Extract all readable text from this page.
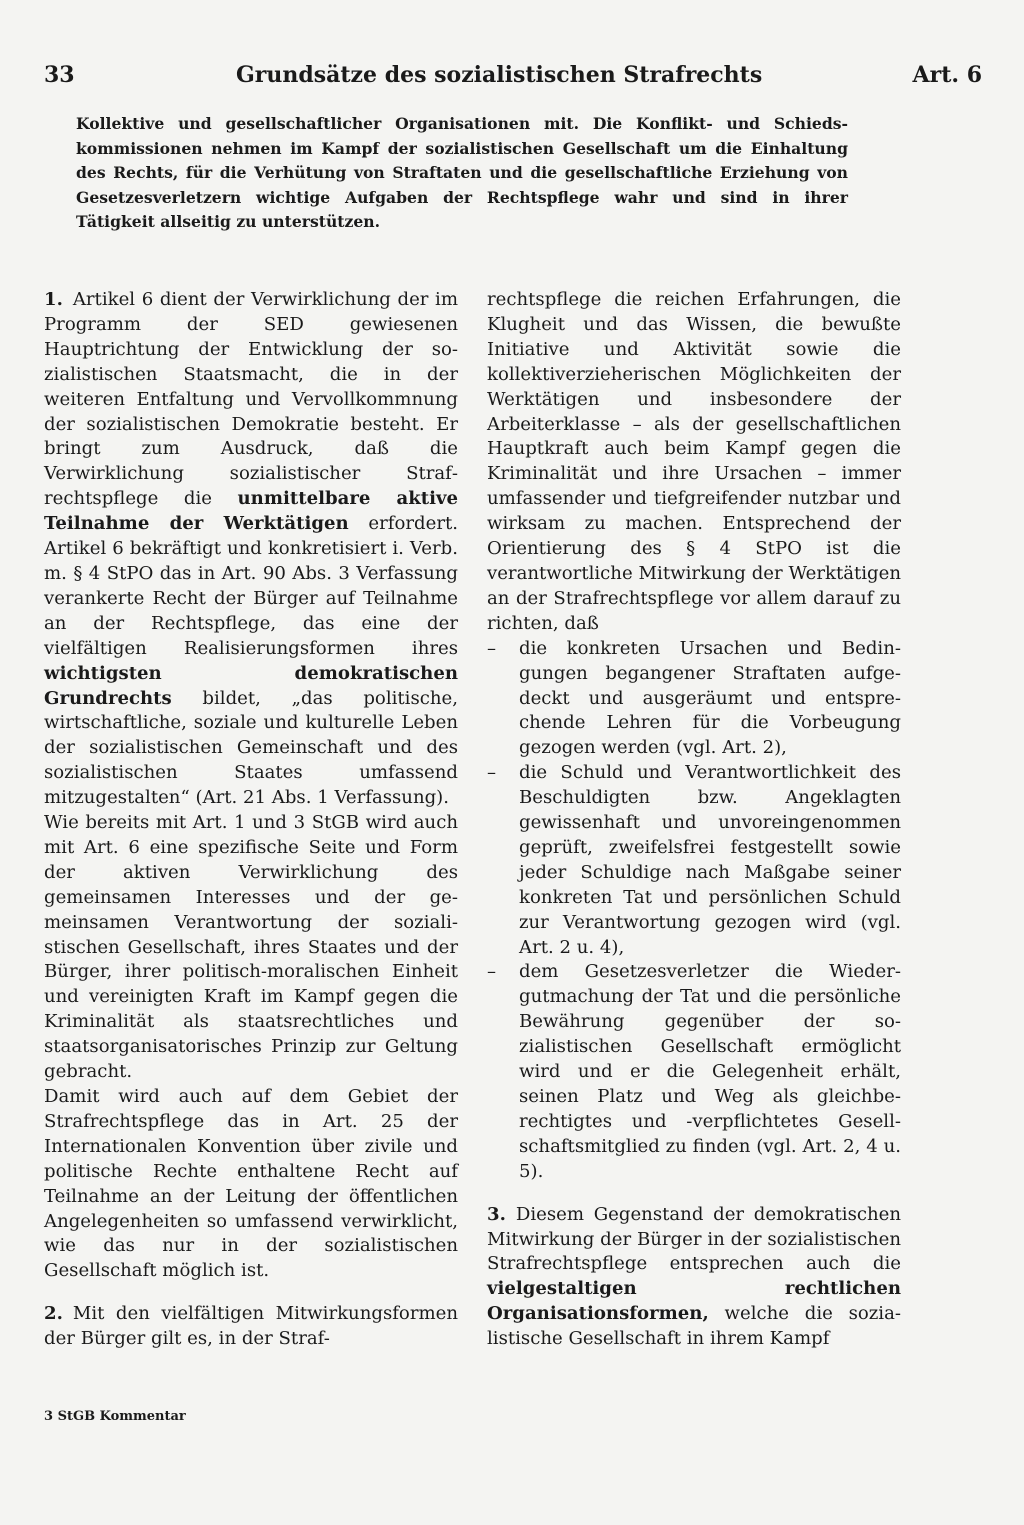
33	Grundsätze des sozialistischen Strafrechts	Art. 6
Kollektive und gesellschaftlicher Organisationen mit. Die Konflikt- und Schiedskommissionen nehmen im Kampf der sozialistischen Gesellschaft um die Einhaltung des Rechts, für die Verhütung von Straftaten und die gesellschaftliche Erziehung von Gesetzesverletzern wichtige Aufgaben der Rechtspflege wahr und sind in ihrer Tätigkeit allseitig zu unterstützen.

1. Artikel 6 dient der Verwirklichung der im Programm der SED gewiesenen Hauptrichtung der Entwicklung der sozialistischen Staatsmacht, die in der weiteren Entfaltung und Vervollkommnung der sozialistischen Demokratie besteht. Er bringt zum Ausdruck, daß die Verwirklichung sozialistischer Strafrechtspflege die unmittelbare aktive Teilnahme der Werktätigen erfordert. Artikel 6 bekräftigt und konkretisiert i. Verb. m. § 4 StPO das in Art. 90 Abs. 3 Verfassung verankerte Recht der Bürger auf Teilnahme an der Rechtspflege, das eine der vielfältigen Realisierungsformen ihres wichtigsten demokratischen Grundrechts bildet, „das politische, wirtschaftliche, soziale und kulturelle Leben der sozialistischen Gemeinschaft und des sozialistischen Staates umfassend mitzugestalten“ (Art. 21 Abs. 1 Verfassung).

Wie bereits mit Art. 1 und 3 StGB wird auch mit Art. 6 eine spezifische Seite und Form der aktiven Verwirklichung des gemeinsamen Interesses und der gemeinsamen Verantwortung der sozialistischen Gesellschaft, ihres Staates und der Bürger, ihrer politisch-moralischen Einheit und vereinigten Kraft im Kampf gegen die Kriminalität als staatsrechtliches und staatsorganisatorisches Prinzip zur Geltung gebracht.

Damit wird auch auf dem Gebiet der Strafrechtspflege das in Art. 25 der Internationalen Konvention über zivile und politische Rechte enthaltene Recht auf Teilnahme an der Leitung der öffentlichen Angelegenheiten so umfassend verwirklicht, wie das nur in der sozialistischen Gesellschaft möglich ist.

2. Mit den vielfältigen Mitwirkungsformen der Bürger gilt es, in der Straf-

rechtspflege die reichen Erfahrungen, die Klugheit und das Wissen, die bewußte Initiative und Aktivität sowie die kollektiverzieherischen Möglichkeiten der Werktätigen und insbesondere der Arbeiterklasse – als der gesellschaftlichen Hauptkraft auch beim Kampf gegen die Kriminalität und ihre Ursachen – immer umfassender und tiefgreifender nutzbar und wirksam zu machen. Entsprechend der Orientierung des § 4 StPO ist die verantwortliche Mitwirkung der Werktätigen an der Strafrechtspflege vor allem darauf zu richten, daß

– die konkreten Ursachen und Bedingungen begangener Straftaten aufgedeckt und ausgeräumt und entsprechende Lehren für die Vorbeugung gezogen werden (vgl. Art. 2),
– die Schuld und Verantwortlichkeit des Beschuldigten bzw. Angeklagten gewissenhaft und unvoreingenommen geprüft, zweifelsfrei festgestellt sowie jeder Schuldige nach Maßgabe seiner konkreten Tat und persönlichen Schuld zur Verantwortung gezogen wird (vgl. Art. 2 u. 4),
– dem Gesetzesverletzer die Wiedergutmachung der Tat und die persönliche Bewährung gegenüber der sozialistischen Gesellschaft ermöglicht wird und er die Gelegenheit erhält, seinen Platz und Weg als gleichberechtigtes und -verpflichtetes Gesellschaftsmitglied zu finden (vgl. Art. 2, 4 u. 5).

3. Diesem Gegenstand der demokratischen Mitwirkung der Bürger in der sozialistischen Strafrechtspflege entsprechen auch die vielgestaltigen rechtlichen Organisationsformen, welche die sozialistische Gesellschaft in ihrem Kampf

3 StGB Kommentar
